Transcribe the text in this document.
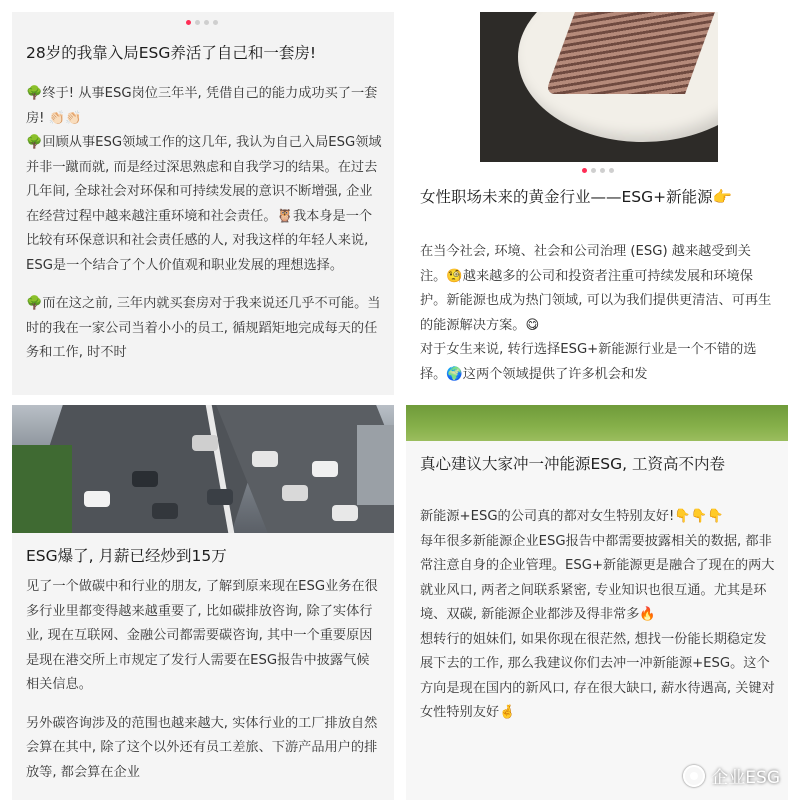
28岁的我靠入局ESG养活了自己和一套房!

🌳终于! 从事ESG岗位三年半, 凭借自己的能力成功买了一套房! 👏🏻👏🏻

🌳回顾从事ESG领域工作的这几年, 我认为自己入局ESG领域并非一蹴而就, 而是经过深思熟虑和自我学习的结果。在过去几年间, 全球社会对环保和可持续发展的意识不断增强, 企业在经营过程中越来越注重环境和社会责任。🦉我本身是一个比较有环保意识和社会责任感的人, 对我这样的年轻人来说, ESG是一个结合了个人价值观和职业发展的理想选择。

🌳而在这之前, 三年内就买套房对于我来说还几乎不可能。当时的我在一家公司当着小小的员工, 循规蹈矩地完成每天的任务和工作, 时不时

女性职场未来的黄金行业——ESG+新能源👉

在当今社会, 环境、社会和公司治理 (ESG) 越来越受到关注。🧐越来越多的公司和投资者注重可持续发展和环境保护。新能源也成为热门领域, 可以为我们提供更清洁、可再生的能源解决方案。😋

对于女生来说, 转行选择ESG+新能源行业是一个不错的选择。🌍这两个领域提供了许多机会和发

ESG爆了, 月薪已经炒到15万

见了一个做碳中和行业的朋友, 了解到原来现在ESG业务在很多行业里都变得越来越重要了, 比如碳排放咨询, 除了实体行业, 现在互联网、金融公司都需要碳咨询, 其中一个重要原因是现在港交所上市规定了发行人需要在ESG报告中披露气候相关信息。

另外碳咨询涉及的范围也越来越大, 实体行业的工厂排放自然会算在其中, 除了这个以外还有员工差旅、下游产品用户的排放等, 都会算在企业

真心建议大家冲一冲能源ESG, 工资高不内卷

新能源+ESG的公司真的都对女生特别友好!👇👇👇

每年很多新能源企业ESG报告中都需要披露相关的数据, 都非常注意自身的企业管理。ESG+新能源更是融合了现在的两大就业风口, 两者之间联系紧密, 专业知识也很互通。尤其是环境、双碳, 新能源企业都涉及得非常多🔥

想转行的姐妹们, 如果你现在很茫然, 想找一份能长期稳定发展下去的工作, 那么我建议你们去冲一冲新能源+ESG。这个方向是现在国内的新风口, 存在很大缺口, 薪水待遇高, 关键对女性特别友好🤞

企业ESG
